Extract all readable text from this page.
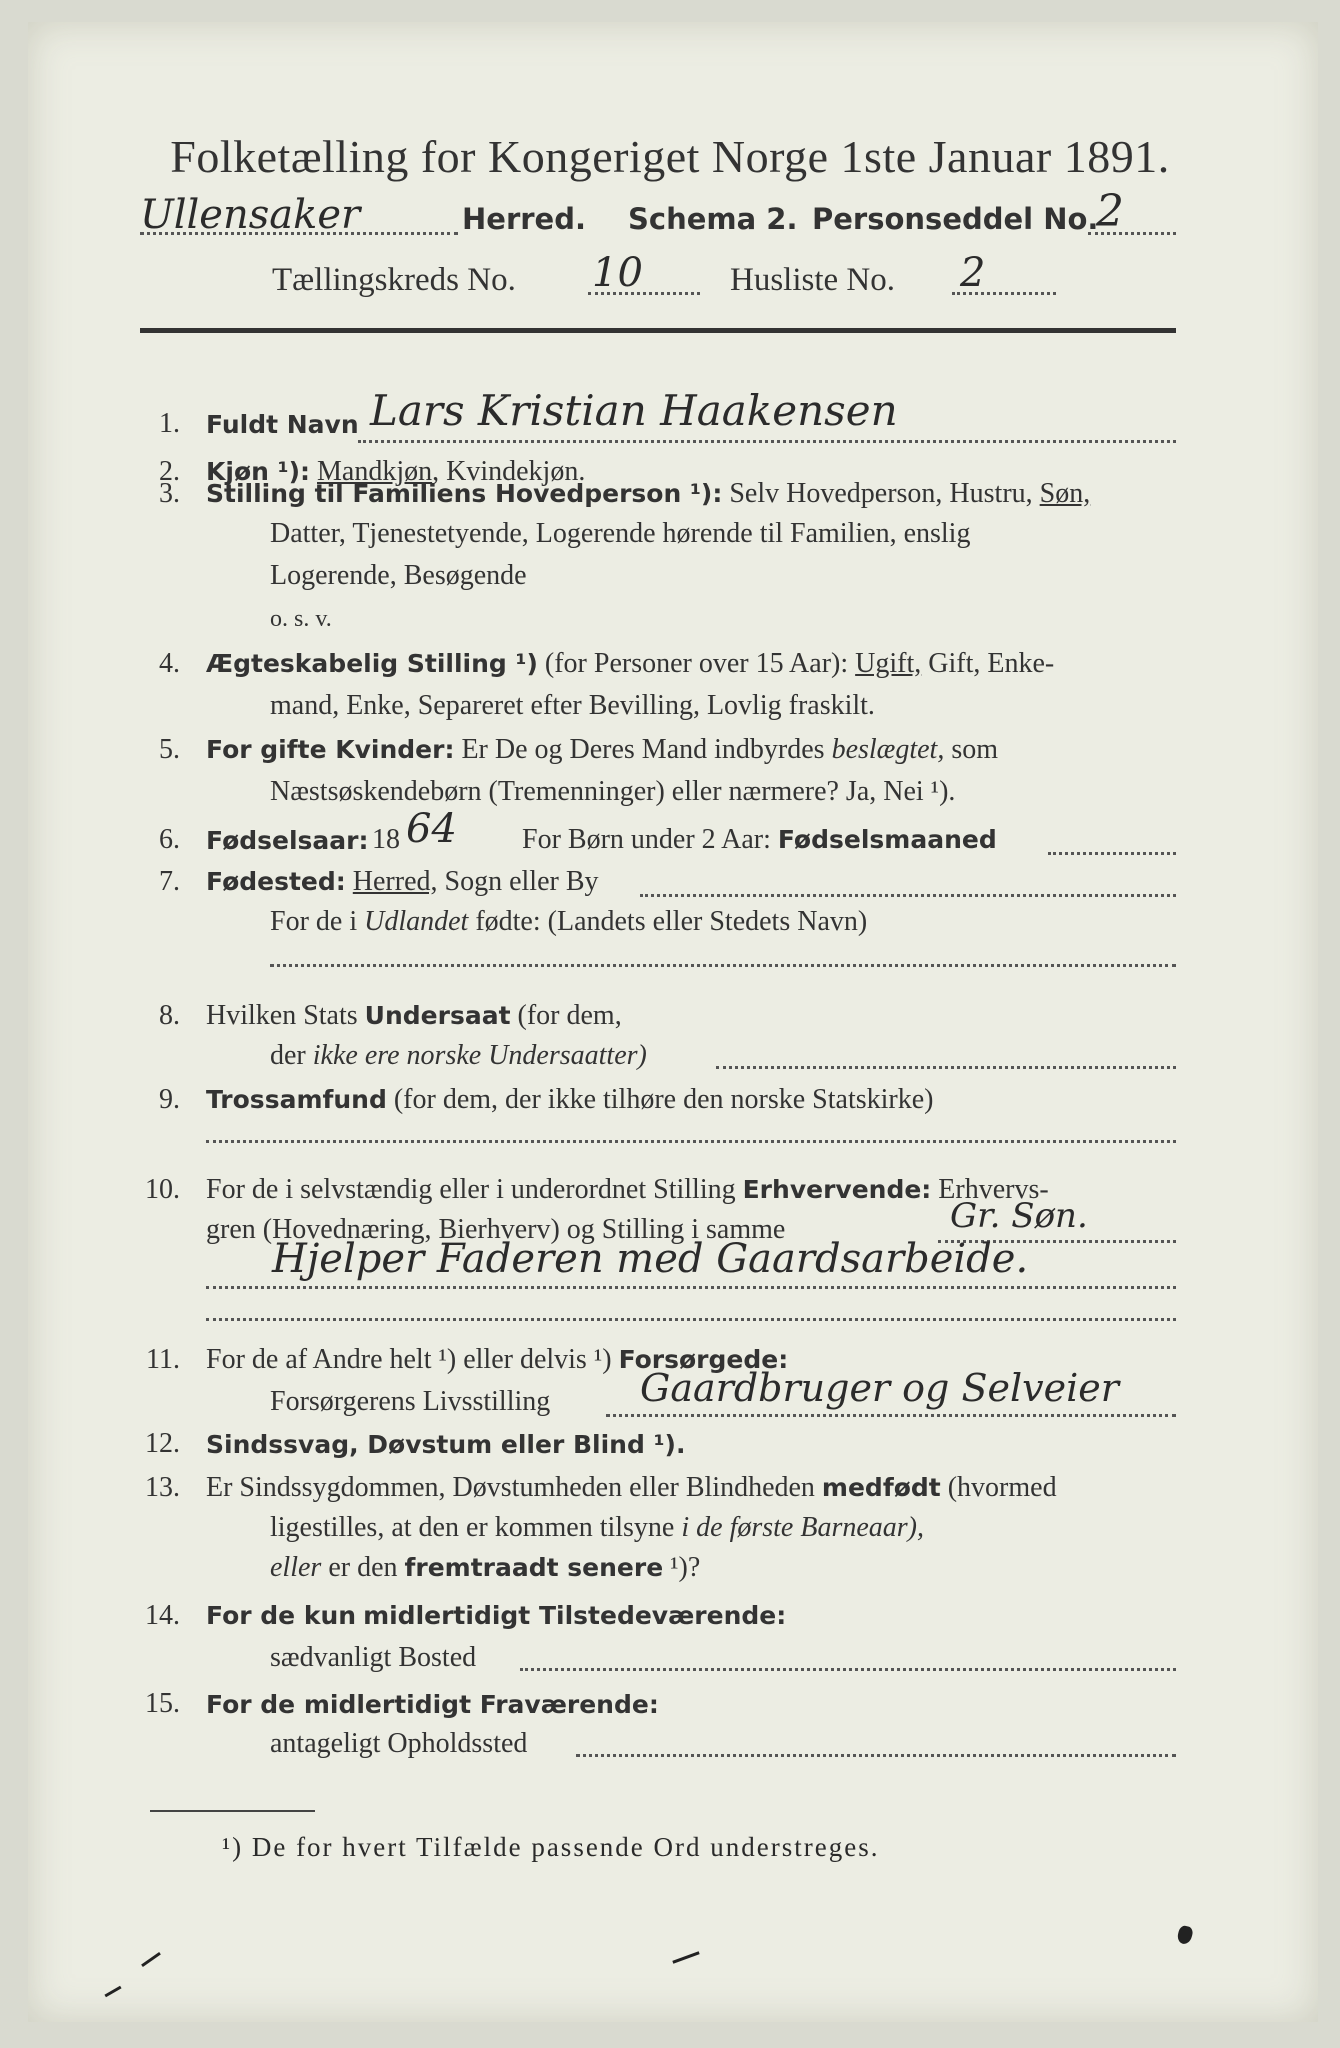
Folketælling for Kongeriget Norge 1ste Januar 1891.
Ullensaker	Herred. Schema 2. Personseddel No.
2
Tællingskreds No. 10	Husliste No. 2
1. Fuldt Navn Lars Kristian Haakensen
2. Kjøn ¹): Mandkjøn, Kvindekjøn.
3. Stilling til Familiens Hovedperson ¹): Selv Hovedperson, Hustru, Søn,
Datter, Tjenestetyende, Logerende hørende til Familien, enslig
Logerende, Besøgende
o. s. v.
4. Ægteskabelig Stilling ¹) (for Personer over 15 Aar): Ugift, Gift, Enke-
mand, Enke, Separeret efter Bevilling, Lovlig fraskilt.
5. For gifte Kvinder: Er De og Deres Mand indbyrdes beslægtet, som
Næstsøskendebørn (Tremenninger) eller nærmere? Ja, Nei ¹).
6. Fødselsaar: 18 64 For Børn under 2 Aar: Fødselsmaaned
7. Fødested: Herred, Sogn eller By
For de i Udlandet fødte: (Landets eller Stedets Navn)
8. Hvilken Stats Undersaat (for dem,
der ikke ere norske Undersaatter)
9. Trossamfund (for dem, der ikke tilhøre den norske Statskirke)
10. For de i selvstændig eller i underordnet Stilling Erhvervende: Erhvervs-
gren (Hovednæring, Bierhverv) og Stilling i samme	Gr. Søn.
Hjelper Faderen med Gaardsarbeide.
11. For de af Andre helt ¹) eller delvis ¹) Forsørgede:
Forsørgerens Livsstilling Gaardbruger og Selveier
12. Sindssvag, Døvstum eller Blind ¹).
13. Er Sindssygdommen, Døvstumheden eller Blindheden medfødt (hvormed
ligestilles, at den er kommen tilsyne i de første Barneaar),
eller er den fremtraadt senere ¹)?
14. For de kun midlertidigt Tilstedeværende:
sædvanligt Bosted
15. For de midlertidigt Fraværende:
antageligt Opholdssted
¹) De for hvert Tilfælde passende Ord understreges.
